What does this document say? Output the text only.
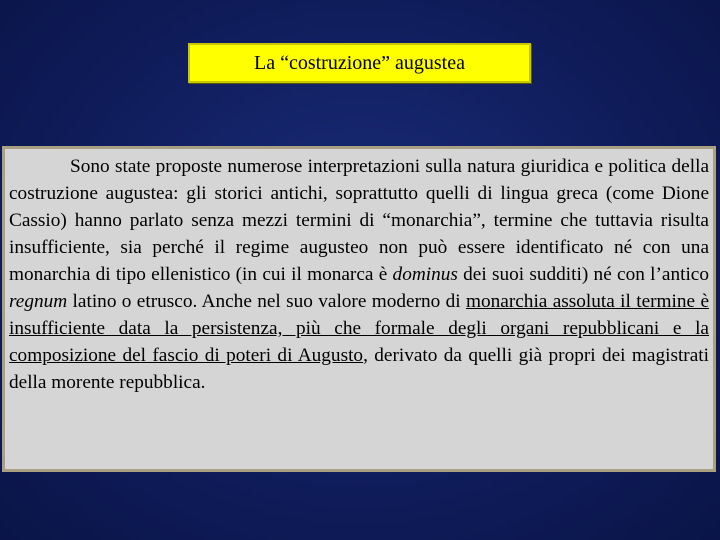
La “costruzione” augustea

Sono state proposte numerose interpretazioni sulla natura giuridica e politica della costruzione augustea: gli storici antichi, soprattutto quelli di lingua greca (come Dione Cassio) hanno parlato senza mezzi termini di “monarchia”, termine che tuttavia risulta insufficiente, sia perché il regime augusteo non può essere identificato né con una monarchia di tipo ellenistico (in cui il monarca è dominus dei suoi sudditi) né con l’antico regnum latino o etrusco. Anche nel suo valore moderno di monarchia assoluta il termine è insufficiente data la persistenza, più che formale degli organi repubblicani e la composizione del fascio di poteri di Augusto, derivato da quelli già propri dei magistrati della morente repubblica.
